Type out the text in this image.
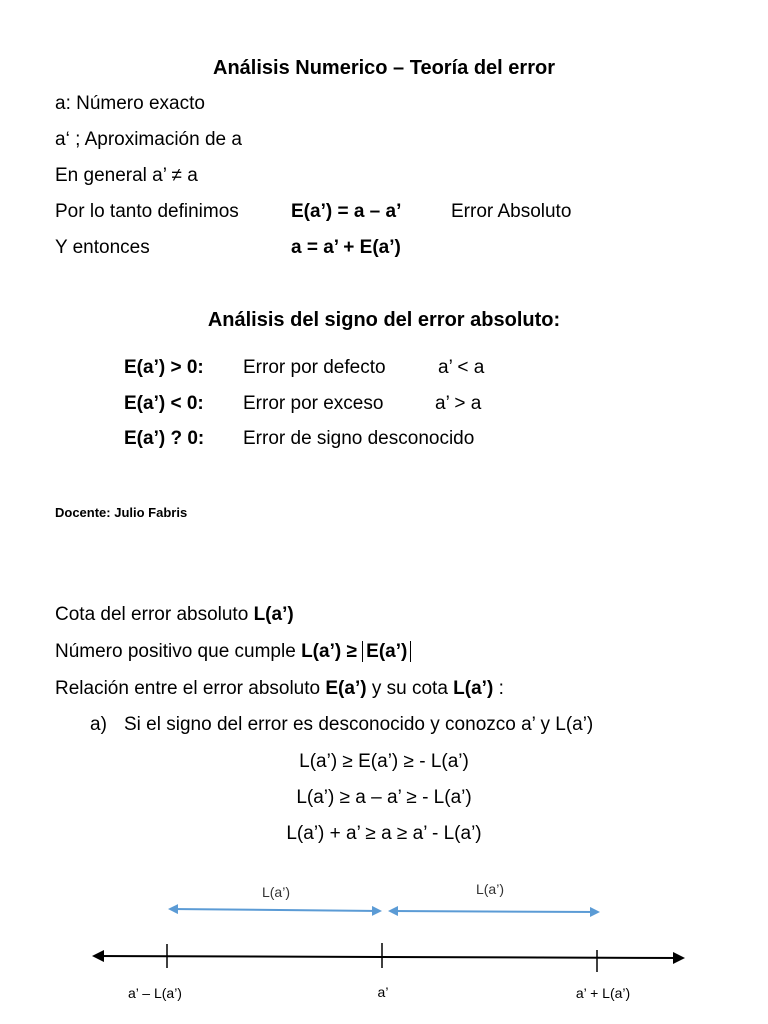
Análisis Numerico – Teoría del error
a: Número exacto
a‘ ; Aproximación de a
En general a’ ≠ a
Por lo tanto definimos	E(a’) = a – a’	Error Absoluto
Y entonces	a = a’ + E(a’)
Análisis del signo del error absoluto:
E(a’) > 0: Error por defecto	a’ < a
E(a’) < 0: Error por exceso	a’ > a
E(a’) ? 0: Error de signo desconocido
Docente: Julio Fabris
Cota del error absoluto L(a’)
Número positivo que cumple L(a’) ≥ E(a’)
Relación entre el error absoluto E(a’) y su cota L(a’) :
a) Si el signo del error es desconocido y conozco a’ y L(a’)
L(a’) ≥ E(a’) ≥ - L(a’)
L(a’) ≥ a – a’ ≥ - L(a’)
L(a’) + a’ ≥ a ≥ a’ - L(a’)
L(a’)	L(a’)
a’ – L(a’)	a’	a’ + L(a’)
